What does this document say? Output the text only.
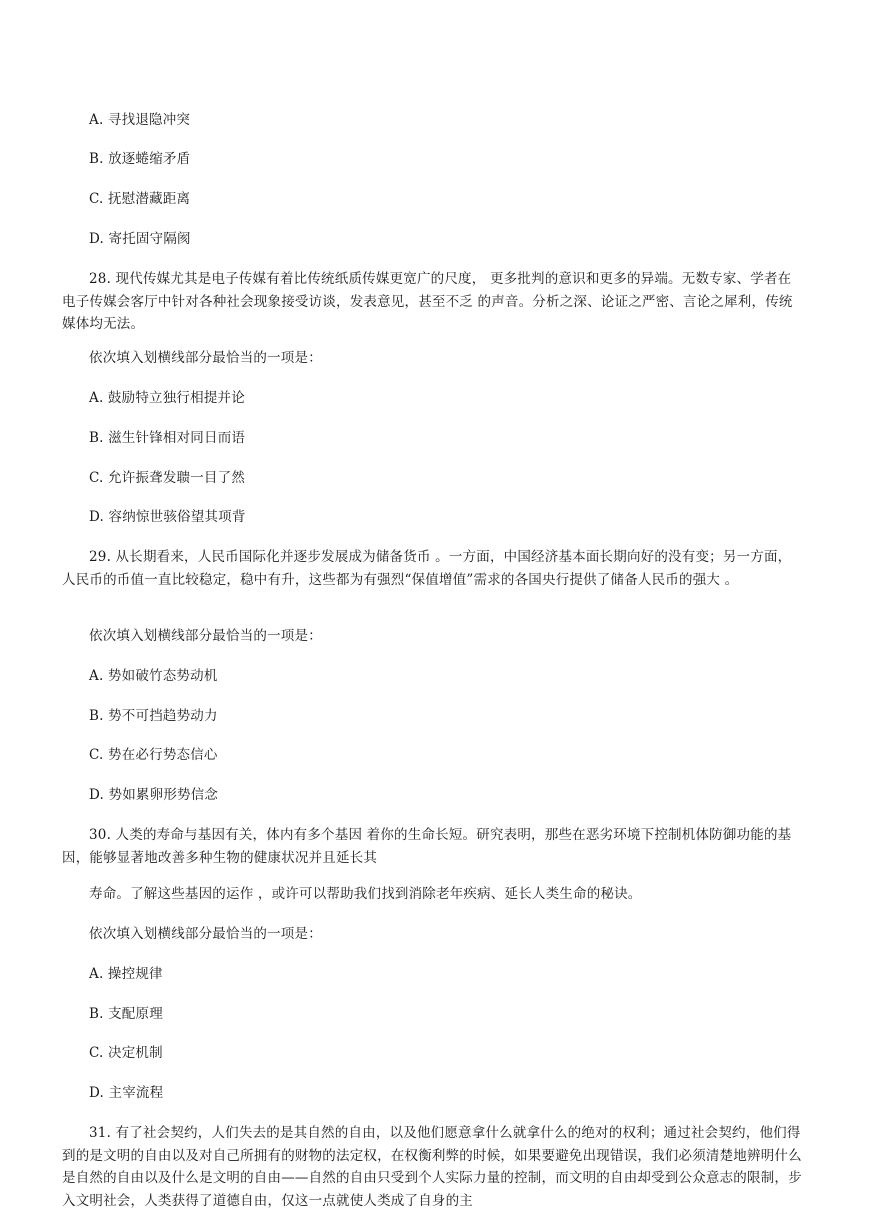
A. 寻找退隐冲突
B. 放逐蜷缩矛盾
C. 抚慰潜藏距离
D. 寄托固守隔阂
28. 现代传媒尤其是电子传媒有着比传统纸质传媒更宽广的尺度， 更多批判的意识和更多的异端。无数专家、学者在电子传媒会客厅中针对各种社会现象接受访谈，发表意见，甚至不乏 的声音。分析之深、论证之严密、言论之犀利，传统媒体均无法。
依次填入划横线部分最恰当的一项是：
A. 鼓励特立独行相提并论
B. 滋生针锋相对同日而语
C. 允许振聋发聩一目了然
D. 容纳惊世骇俗望其项背
29. 从长期看来，人民币国际化并逐步发展成为储备货币 。一方面，中国经济基本面长期向好的没有变；另一方面，人民币的币值一直比较稳定，稳中有升，这些都为有强烈“保值增值”需求的各国央行提供了储备人民币的强大 。
依次填入划横线部分最恰当的一项是：
A. 势如破竹态势动机
B. 势不可挡趋势动力
C. 势在必行势态信心
D. 势如累卵形势信念
30. 人类的寿命与基因有关，体内有多个基因 着你的生命长短。研究表明，那些在恶劣环境下控制机体防御功能的基因，能够显著地改善多种生物的健康状况并且延长其
寿命。了解这些基因的运作 ，或许可以帮助我们找到消除老年疾病、延长人类生命的秘诀。
依次填入划横线部分最恰当的一项是：
A. 操控规律
B. 支配原理
C. 决定机制
D. 主宰流程
31. 有了社会契约，人们失去的是其自然的自由，以及他们愿意拿什么就拿什么的绝对的权利；通过社会契约，他们得到的是文明的自由以及对自己所拥有的财物的法定权，在权衡利弊的时候，如果要避免出现错误，我们必须清楚地辨明什么是自然的自由以及什么是文明的自由——自然的自由只受到个人实际力量的控制，而文明的自由却受到公众意志的限制，步入文明社会，人类获得了道德自由，仅这一点就使人类成了自身的主
